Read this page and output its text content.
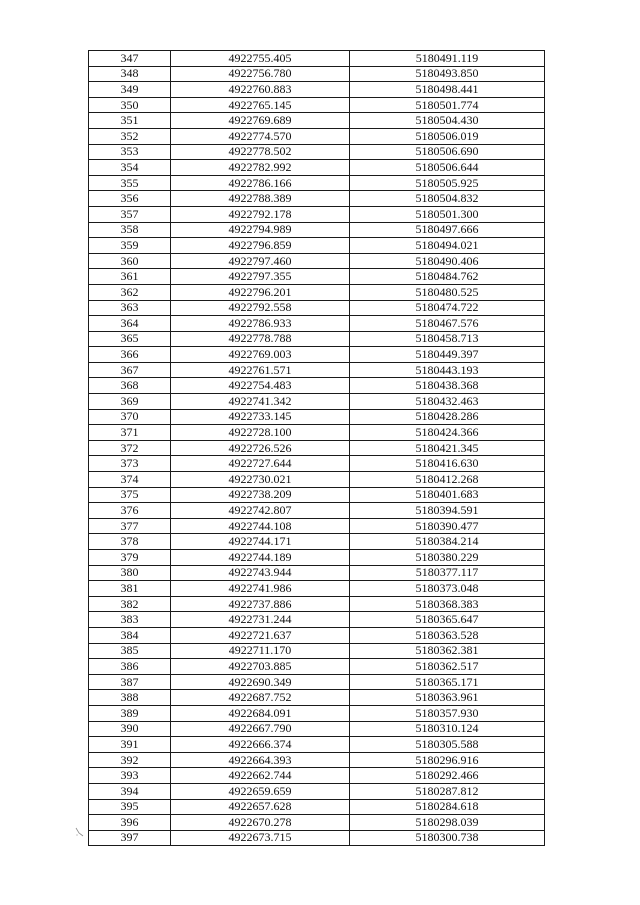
347	4922755.405	5180491.119
348	4922756.780	5180493.850
349	4922760.883	5180498.441
350	4922765.145	5180501.774
351	4922769.689	5180504.430
352	4922774.570	5180506.019
353	4922778.502	5180506.690
354	4922782.992	5180506.644
355	4922786.166	5180505.925
356	4922788.389	5180504.832
357	4922792.178	5180501.300
358	4922794.989	5180497.666
359	4922796.859	5180494.021
360	4922797.460	5180490.406
361	4922797.355	5180484.762
362	4922796.201	5180480.525
363	4922792.558	5180474.722
364	4922786.933	5180467.576
365	4922778.788	5180458.713
366	4922769.003	5180449.397
367	4922761.571	5180443.193
368	4922754.483	5180438.368
369	4922741.342	5180432.463
370	4922733.145	5180428.286
371	4922728.100	5180424.366
372	4922726.526	5180421.345
373	4922727.644	5180416.630
374	4922730.021	5180412.268
375	4922738.209	5180401.683
376	4922742.807	5180394.591
377	4922744.108	5180390.477
378	4922744.171	5180384.214
379	4922744.189	5180380.229
380	4922743.944	5180377.117
381	4922741.986	5180373.048
382	4922737.886	5180368.383
383	4922731.244	5180365.647
384	4922721.637	5180363.528
385	4922711.170	5180362.381
386	4922703.885	5180362.517
387	4922690.349	5180365.171
388	4922687.752	5180363.961
389	4922684.091	5180357.930
390	4922667.790	5180310.124
391	4922666.374	5180305.588
392	4922664.393	5180296.916
393	4922662.744	5180292.466
394	4922659.659	5180287.812
395	4922657.628	5180284.618
396	4922670.278	5180298.039
397	4922673.715	5180300.738
